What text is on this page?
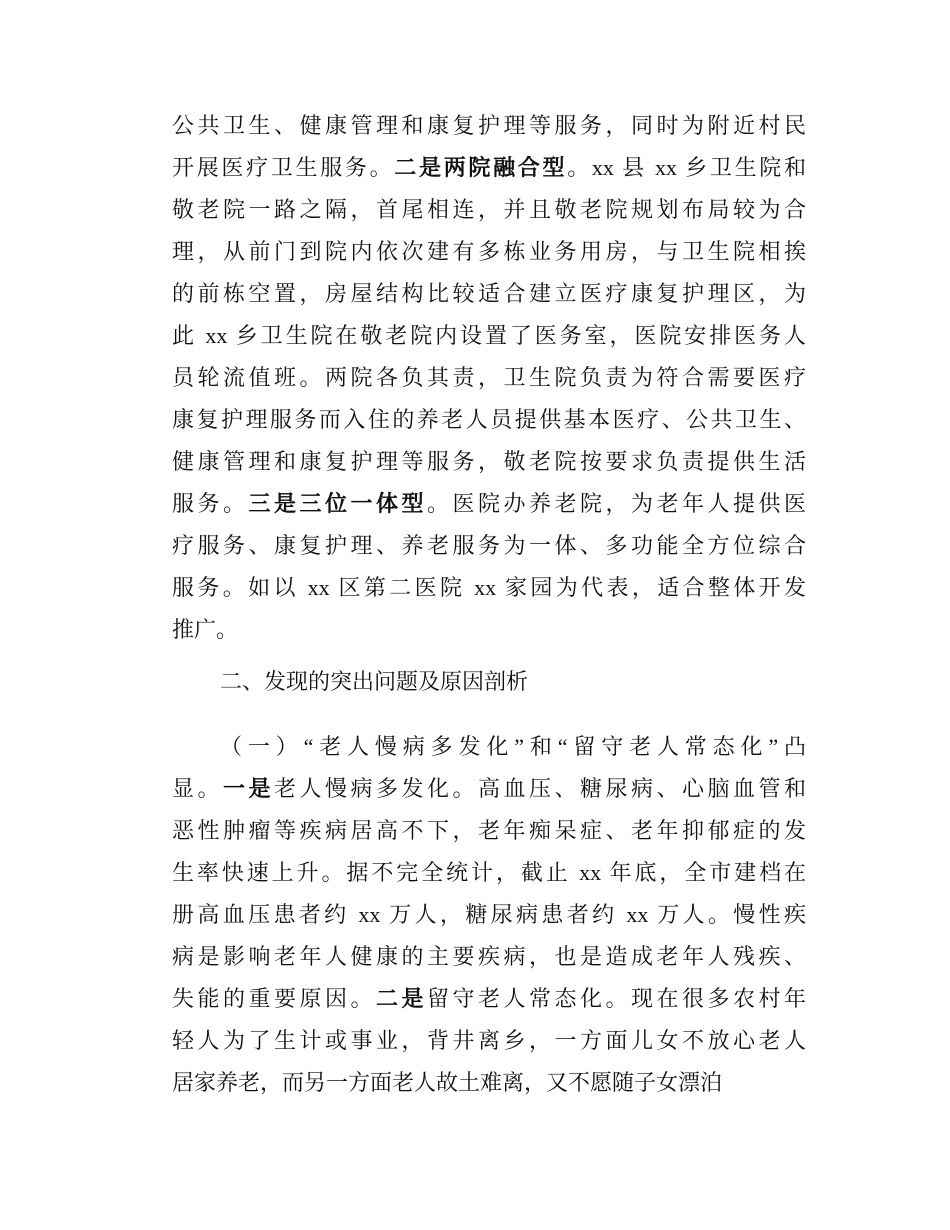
公共卫生、健康管理和康复护理等服务，同时为附近村民
开展医疗卫生服务。二是两院融合型。xx 县 xx 乡卫生院和
敬老院一路之隔，首尾相连，并且敬老院规划布局较为合
理，从前门到院内依次建有多栋业务用房，与卫生院相挨
的前栋空置，房屋结构比较适合建立医疗康复护理区，为
此 xx 乡卫生院在敬老院内设置了医务室，医院安排医务人
员轮流值班。两院各负其责，卫生院负责为符合需要医疗
康复护理服务而入住的养老人员提供基本医疗、公共卫生、
健康管理和康复护理等服务，敬老院按要求负责提供生活
服务。三是三位一体型。医院办养老院，为老年人提供医
疗服务、康复护理、养老服务为一体、多功能全方位综合
服务。如以 xx 区第二医院 xx 家园为代表，适合整体开发
推广。
二、发现的突出问题及原因剖析
（一）“老人慢病多发化”和“留守老人常态化”凸
显。一是老人慢病多发化。高血压、糖尿病、心脑血管和
恶性肿瘤等疾病居高不下，老年痴呆症、老年抑郁症的发
生率快速上升。据不完全统计，截止 xx 年底，全市建档在
册高血压患者约 xx 万人，糖尿病患者约 xx 万人。慢性疾
病是影响老年人健康的主要疾病，也是造成老年人残疾、
失能的重要原因。二是留守老人常态化。现在很多农村年
轻人为了生计或事业，背井离乡，一方面儿女不放心老人
居家养老，而另一方面老人故土难离，又不愿随子女漂泊
